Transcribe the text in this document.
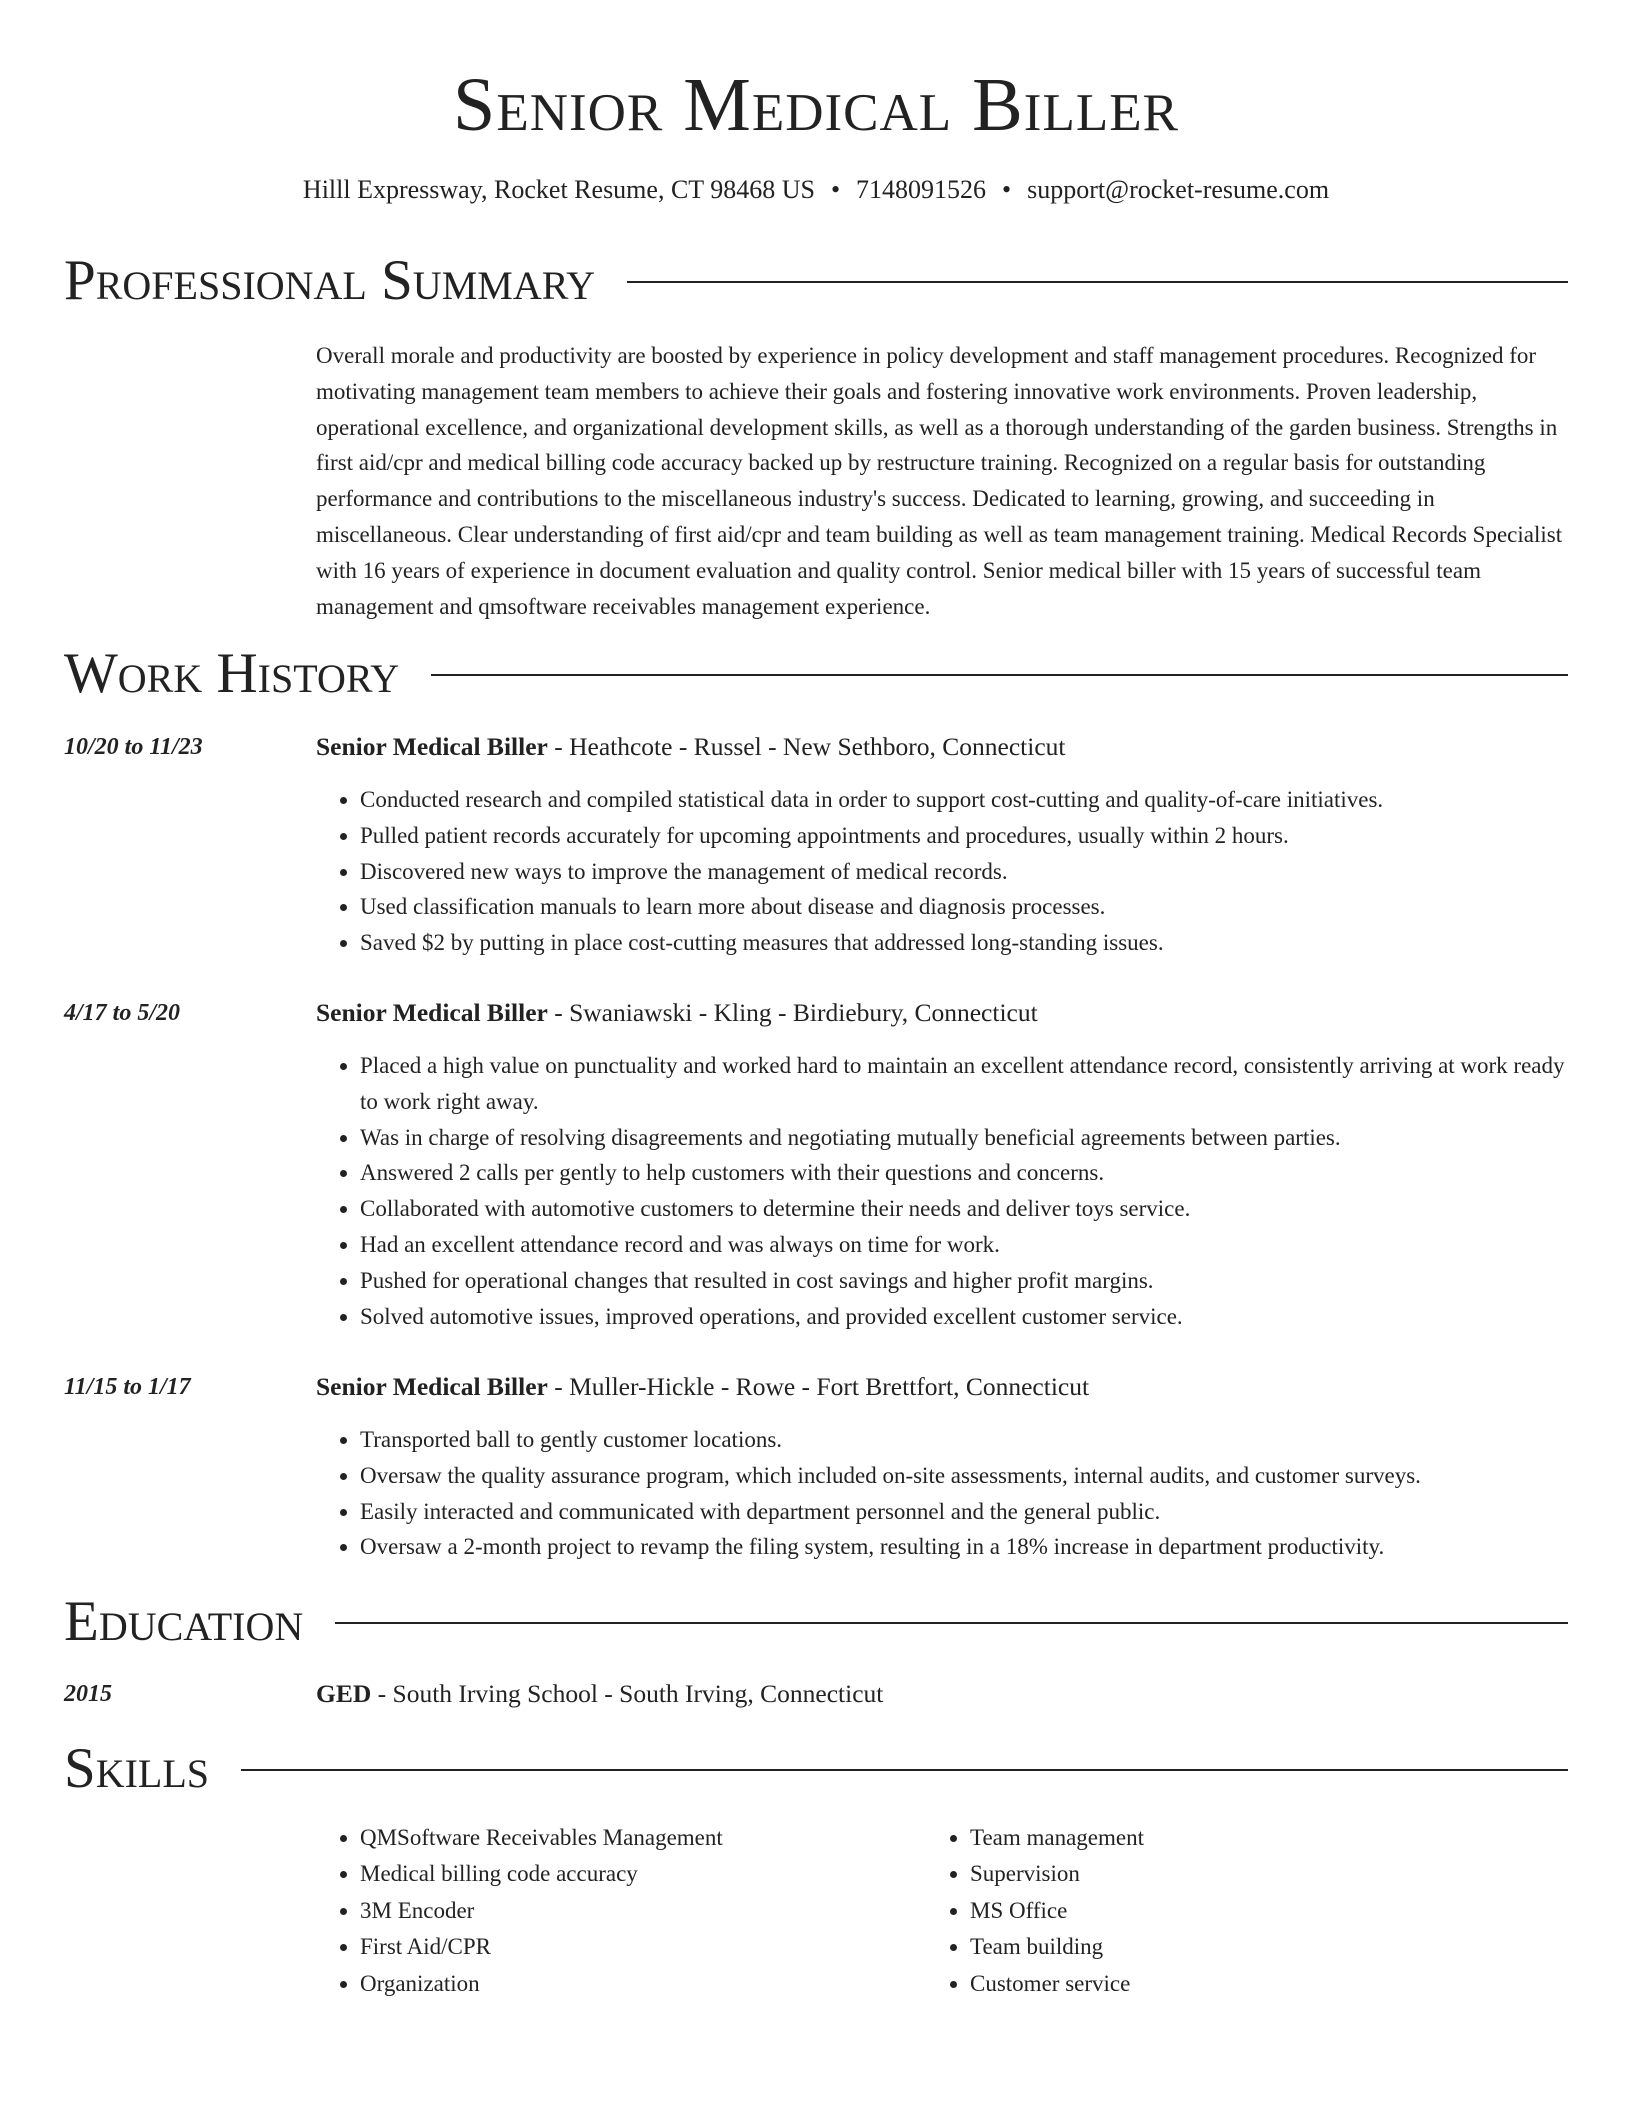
Senior Medical Biller
Hilll Expressway, Rocket Resume, CT 98468 US • 7148091526 • support@rocket-resume.com
Professional Summary

Overall morale and productivity are boosted by experience in policy development and staff management procedures. Recognized for motivating management team members to achieve their goals and fostering innovative work environments. Proven leadership, operational excellence, and organizational development skills, as well as a thorough understanding of the garden business. Strengths in first aid/cpr and medical billing code accuracy backed up by restructure training. Recognized on a regular basis for outstanding performance and contributions to the miscellaneous industry's success. Dedicated to learning, growing, and succeeding in miscellaneous. Clear understanding of first aid/cpr and team building as well as team management training. Medical Records Specialist with 16 years of experience in document evaluation and quality control. Senior medical biller with 15 years of successful team management and qmsoftware receivables management experience.

Work History
10/20 to 11/23	Senior Medical Biller - Heathcote - Russel - New Sethboro, Connecticut
• Conducted research and compiled statistical data in order to support cost-cutting and quality-of-care initiatives.
• Pulled patient records accurately for upcoming appointments and procedures, usually within 2 hours.
• Discovered new ways to improve the management of medical records.
• Used classification manuals to learn more about disease and diagnosis processes.
• Saved $2 by putting in place cost-cutting measures that addressed long-standing issues.
4/17 to 5/20	Senior Medical Biller - Swaniawski - Kling - Birdiebury, Connecticut
• Placed a high value on punctuality and worked hard to maintain an excellent attendance record, consistently arriving at work ready to work right away.
• Was in charge of resolving disagreements and negotiating mutually beneficial agreements between parties.
• Answered 2 calls per gently to help customers with their questions and concerns.
• Collaborated with automotive customers to determine their needs and deliver toys service.
• Had an excellent attendance record and was always on time for work.
• Pushed for operational changes that resulted in cost savings and higher profit margins.
• Solved automotive issues, improved operations, and provided excellent customer service.
11/15 to 1/17	Senior Medical Biller - Muller-Hickle - Rowe - Fort Brettfort, Connecticut
• Transported ball to gently customer locations.
• Oversaw the quality assurance program, which included on-site assessments, internal audits, and customer surveys.
• Easily interacted and communicated with department personnel and the general public.
• Oversaw a 2-month project to revamp the filing system, resulting in a 18% increase in department productivity.
Education
2015	GED - South Irving School - South Irving, Connecticut
Skills
• QMSoftware Receivables Management
• Medical billing code accuracy
• 3M Encoder
• First Aid/CPR
• Organization
• Team management
• Supervision
• MS Office
• Team building
• Customer service
